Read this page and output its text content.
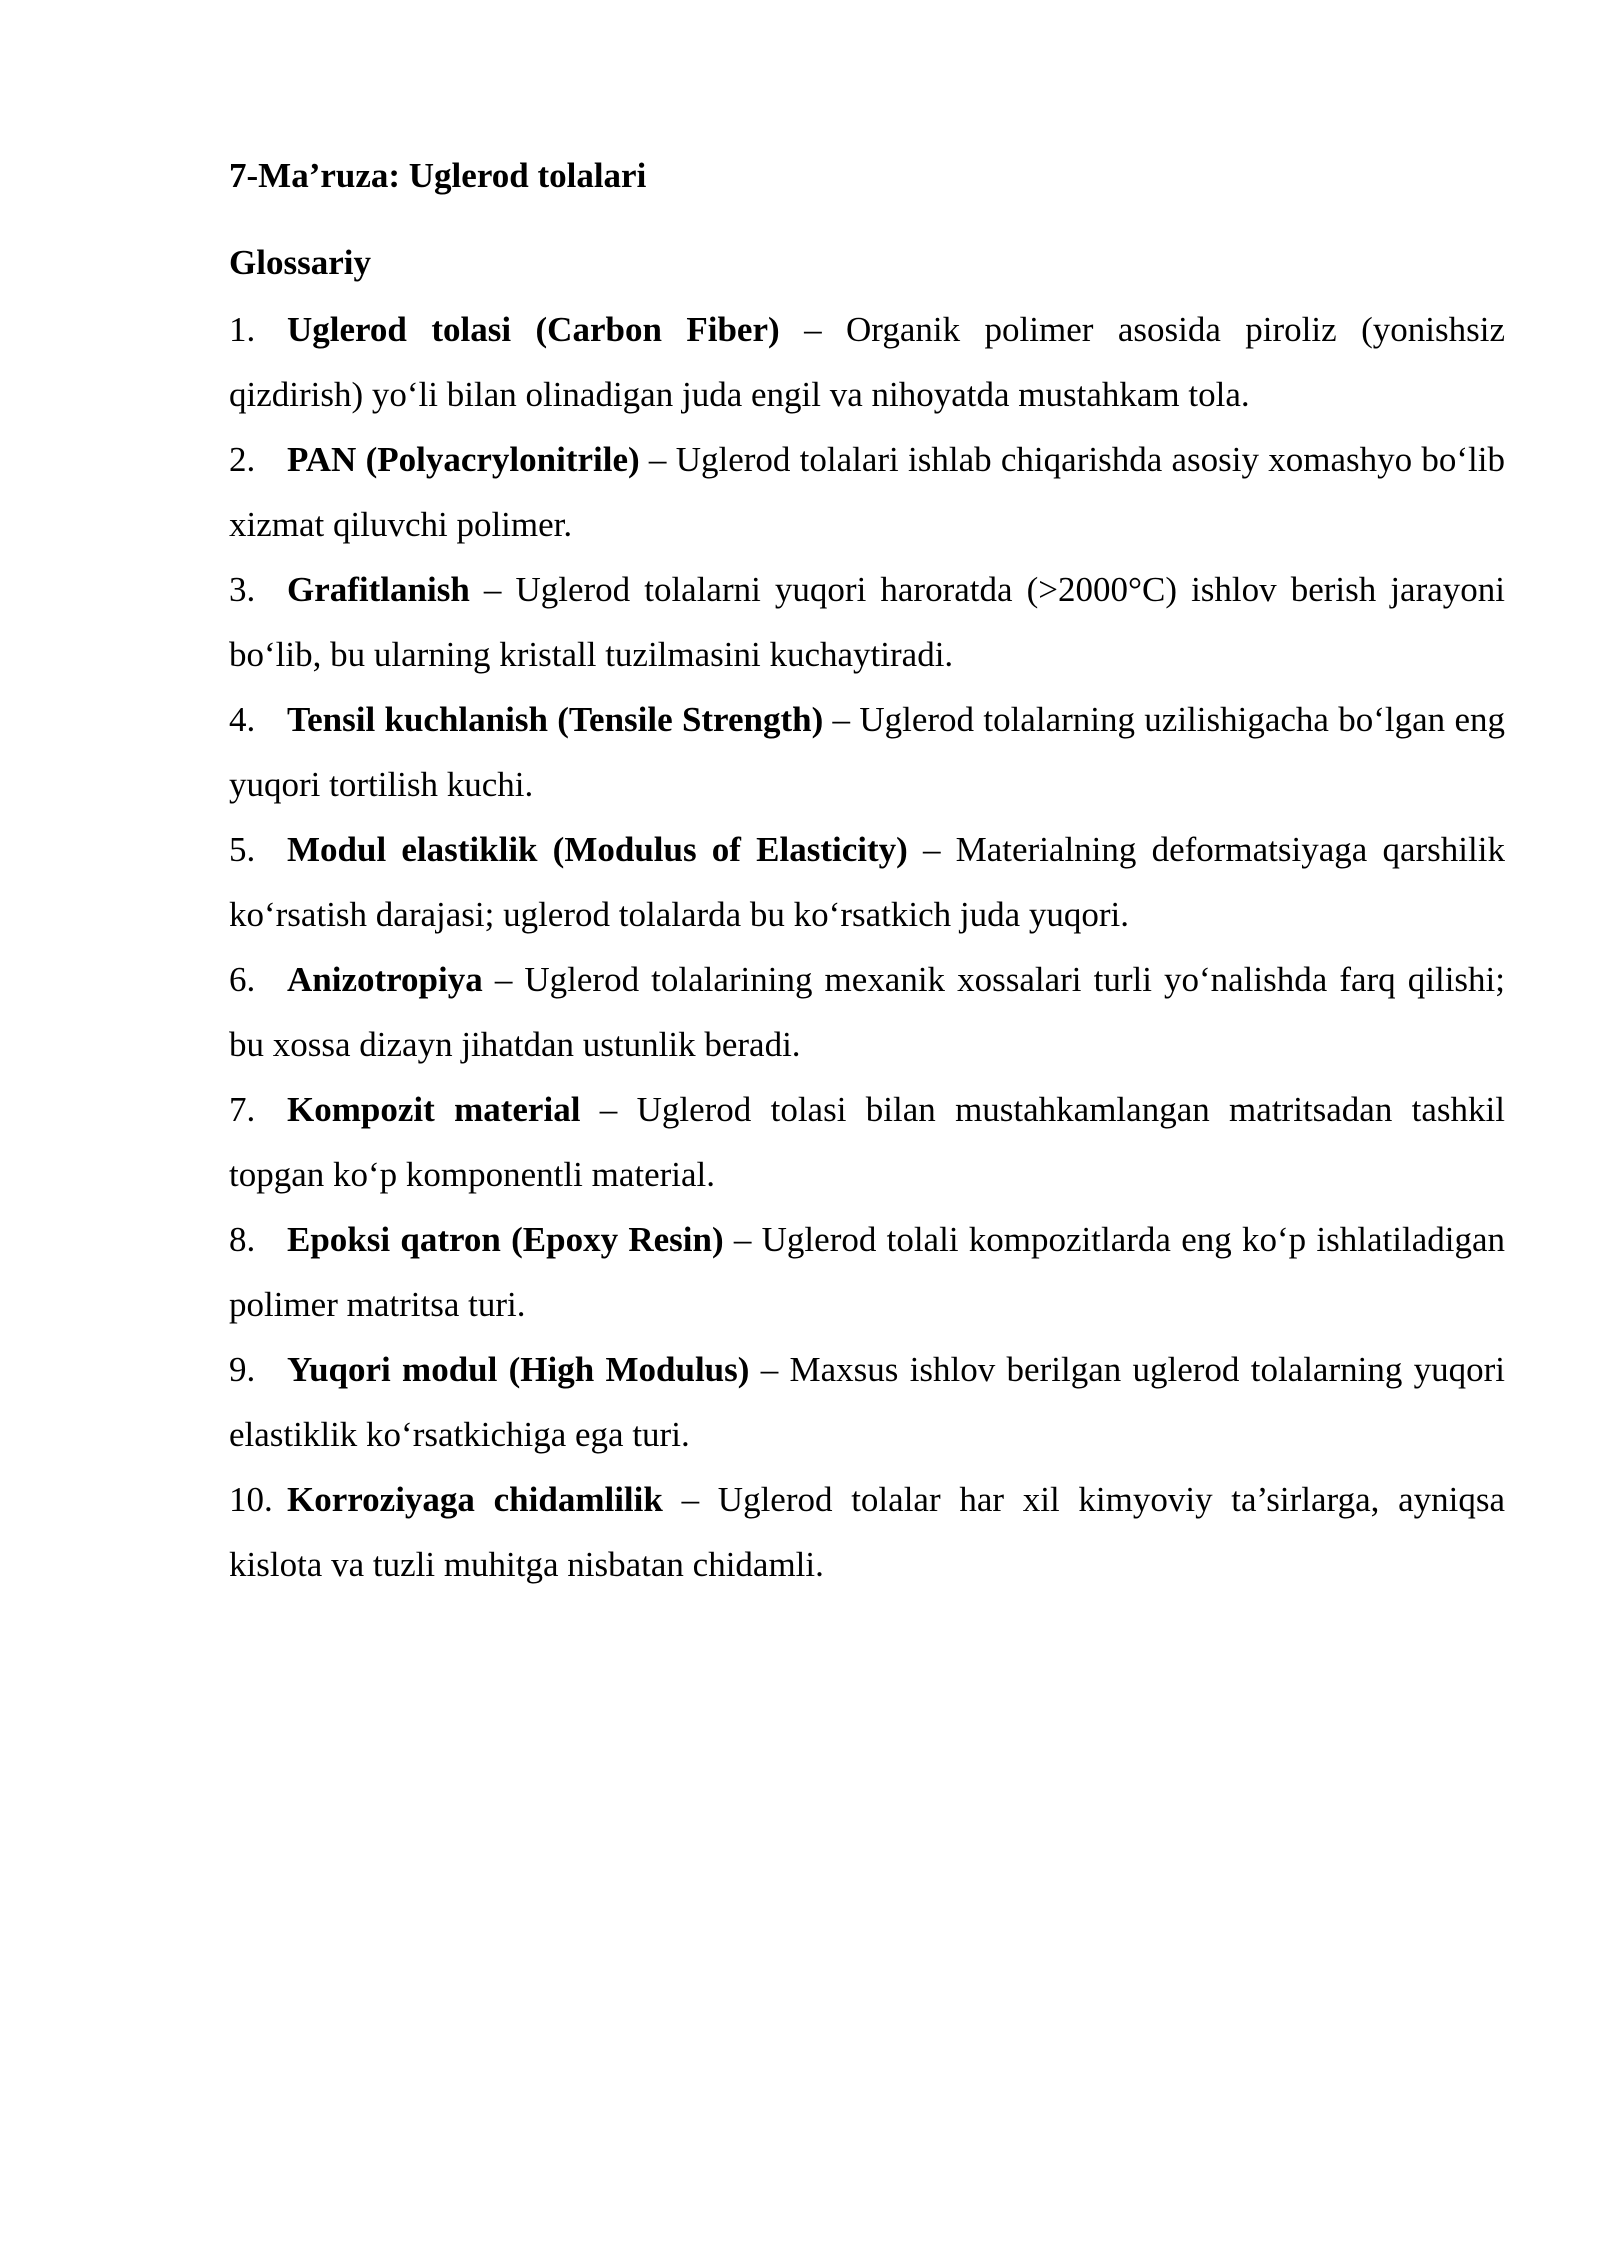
7-Ma’ruza: Uglerod tolalari

Glossariy

1. Uglerod tolasi (Carbon Fiber) – Organik polimer asosida piroliz (yonishsiz qizdirish) yo‘li bilan olinadigan juda engil va nihoyatda mustahkam tola.
2. PAN (Polyacrylonitrile) – Uglerod tolalari ishlab chiqarishda asosiy xomashyo bo‘lib xizmat qiluvchi polimer.
3. Grafitlanish – Uglerod tolalarni yuqori haroratda (>2000°C) ishlov berish jarayoni bo‘lib, bu ularning kristall tuzilmasini kuchaytiradi.
4. Tensil kuchlanish (Tensile Strength) – Uglerod tolalarning uzilishigacha bo‘lgan eng yuqori tortilish kuchi.
5. Modul elastiklik (Modulus of Elasticity) – Materialning deformatsiyaga qarshilik ko‘rsatish darajasi; uglerod tolalarda bu ko‘rsatkich juda yuqori.
6. Anizotropiya – Uglerod tolalarining mexanik xossalari turli yo‘nalishda farq qilishi; bu xossa dizayn jihatdan ustunlik beradi.
7. Kompozit material – Uglerod tolasi bilan mustahkamlangan matritsadan tashkil topgan ko‘p komponentli material.
8. Epoksi qatron (Epoxy Resin) – Uglerod tolali kompozitlarda eng ko‘p ishlatiladigan polimer matritsa turi.
9. Yuqori modul (High Modulus) – Maxsus ishlov berilgan uglerod tolalarning yuqori elastiklik ko‘rsatkichiga ega turi.
10. Korroziyaga chidamlilik – Uglerod tolalar har xil kimyoviy ta’sirlarga, ayniqsa kislota va tuzli muhitga nisbatan chidamli.
